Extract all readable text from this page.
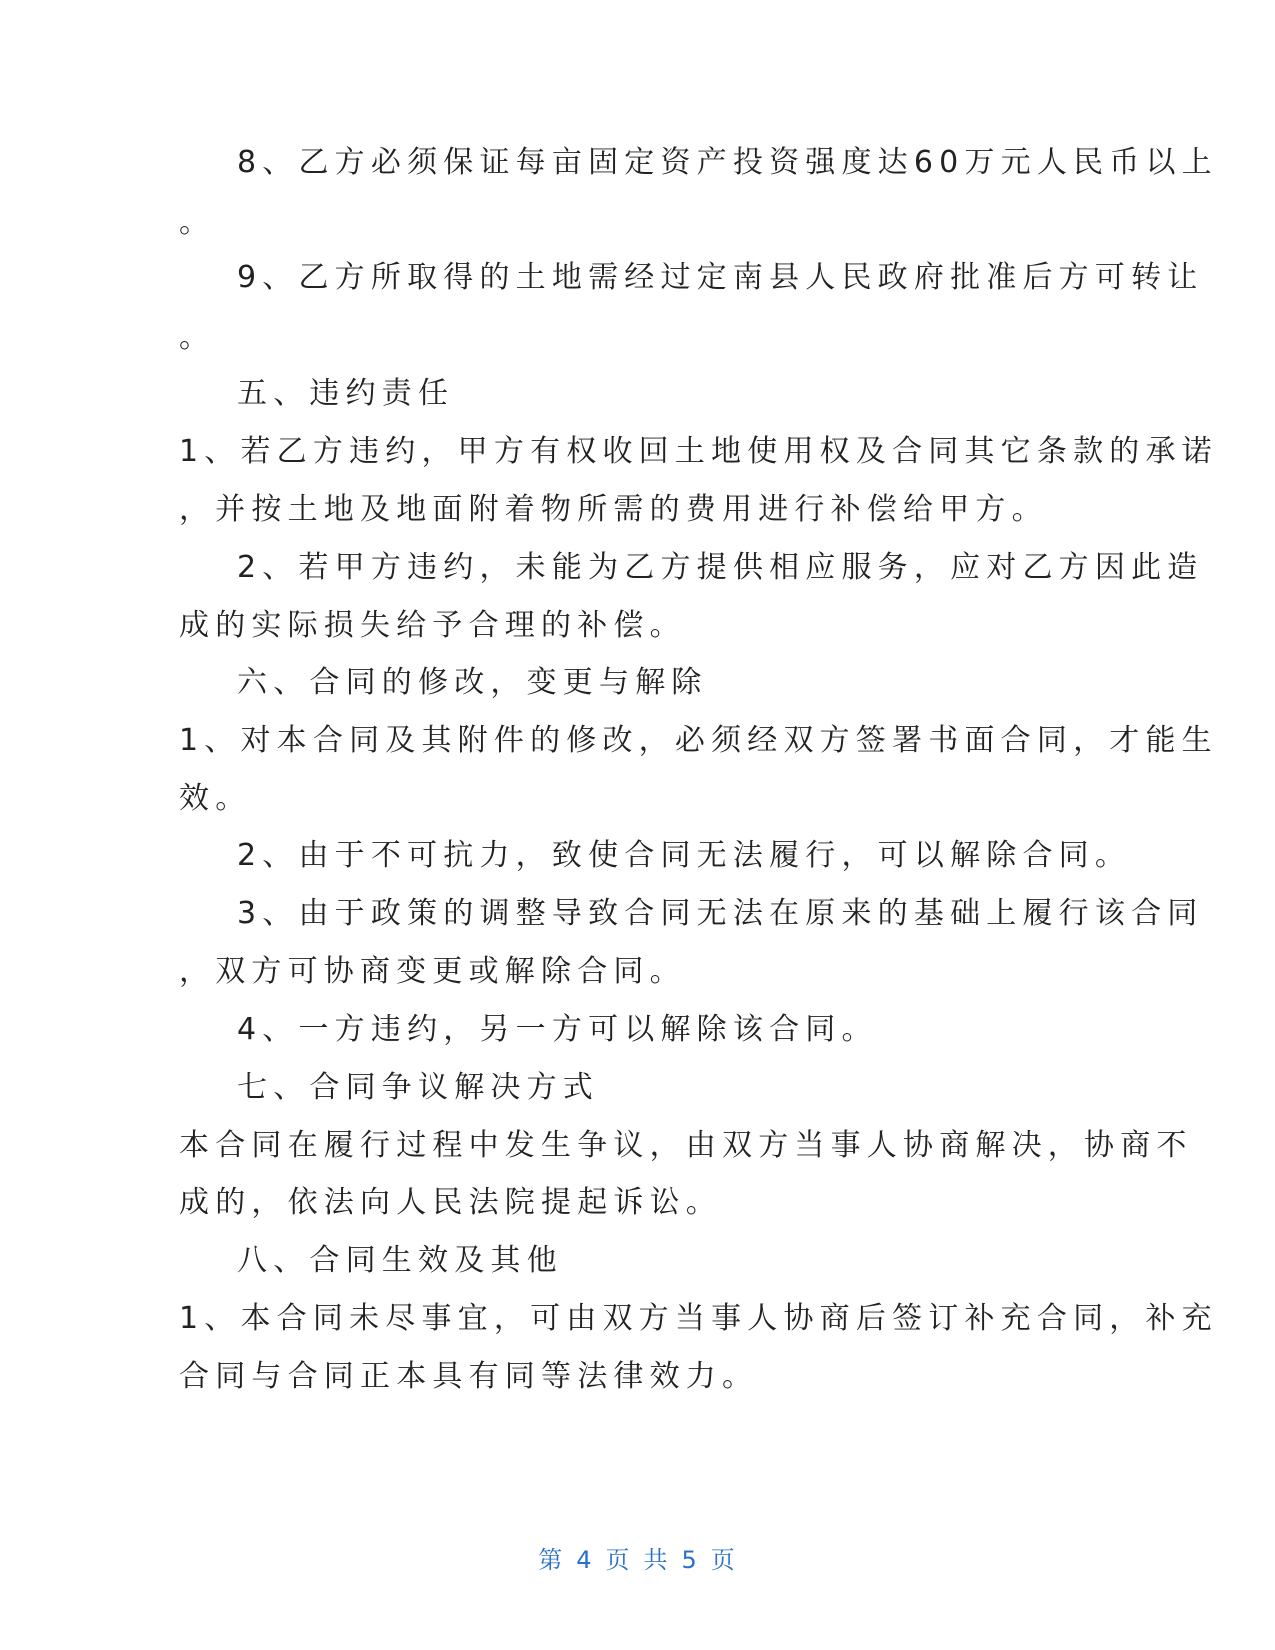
8、乙方必须保证每亩固定资产投资强度达60万元人民币以上
。
9、乙方所取得的土地需经过定南县人民政府批准后方可转让
。
五、违约责任
1、若乙方违约，甲方有权收回土地使用权及合同其它条款的承诺
，并按土地及地面附着物所需的费用进行补偿给甲方。
2、若甲方违约，未能为乙方提供相应服务，应对乙方因此造
成的实际损失给予合理的补偿。
六、合同的修改，变更与解除
1、对本合同及其附件的修改，必须经双方签署书面合同，才能生
效。
2、由于不可抗力，致使合同无法履行，可以解除合同。
3、由于政策的调整导致合同无法在原来的基础上履行该合同
，双方可协商变更或解除合同。
4、一方违约，另一方可以解除该合同。
七、合同争议解决方式
本合同在履行过程中发生争议，由双方当事人协商解决，协商不
成的，依法向人民法院提起诉讼。
八、合同生效及其他
1、本合同未尽事宜，可由双方当事人协商后签订补充合同，补充
合同与合同正本具有同等法律效力。
第 4 页 共 5 页
